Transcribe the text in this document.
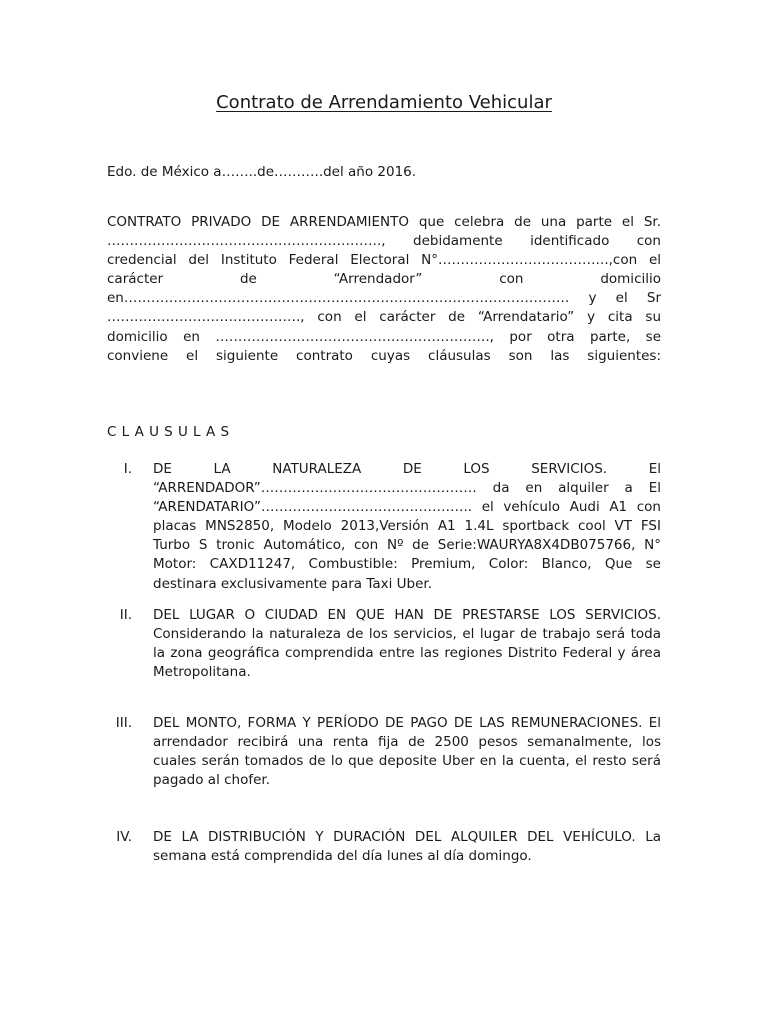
Contrato de Arrendamiento Vehicular
Edo. de México a……..de………..del año 2016.
CONTRATO PRIVADO DE ARRENDAMIENTO que celebra de una parte el Sr.
……………………………………………………., debidamente identificado con
credencial del Instituto Federal Electoral N°………………………………..,con el
carácter de “Arrendador” con domicilio
en……………………………………………………………………………………… y el Sr
……………………………………., con el carácter de “Arrendatario” y cita su
domicilio en ……………………………………………………., por otra parte, se
conviene el siguiente contrato cuyas cláusulas son las siguientes:
CLAUSULAS
I. DE LA NATURALEZA DE LOS SERVICIOS. El
“ARRENDADOR”………………………………………… da en alquiler a El
“ARENDATARIO”……………………………………….. el vehículo Audi A1 con
placas MNS2850, Modelo 2013,Versión A1 1.4L sportback cool VT FSI
Turbo S tronic Automático, con Nº de Serie:WAURYA8X4DB075766, N°
Motor: CAXD11247, Combustible: Premium, Color: Blanco, Que se
destinara exclusivamente para Taxi Uber.
II. DEL LUGAR O CIUDAD EN QUE HAN DE PRESTARSE LOS SERVICIOS.
Considerando la naturaleza de los servicios, el lugar de trabajo será toda
la zona geográfica comprendida entre las regiones Distrito Federal y área
Metropolitana.
III. DEL MONTO, FORMA Y PERÍODO DE PAGO DE LAS REMUNERACIONES. El
arrendador recibirá una renta fija de 2500 pesos semanalmente, los
cuales serán tomados de lo que deposite Uber en la cuenta, el resto será
pagado al chofer.
IV. DE LA DISTRIBUCIÓN Y DURACIÓN DEL ALQUILER DEL VEHÍCULO. La
semana está comprendida del día lunes al día domingo.
